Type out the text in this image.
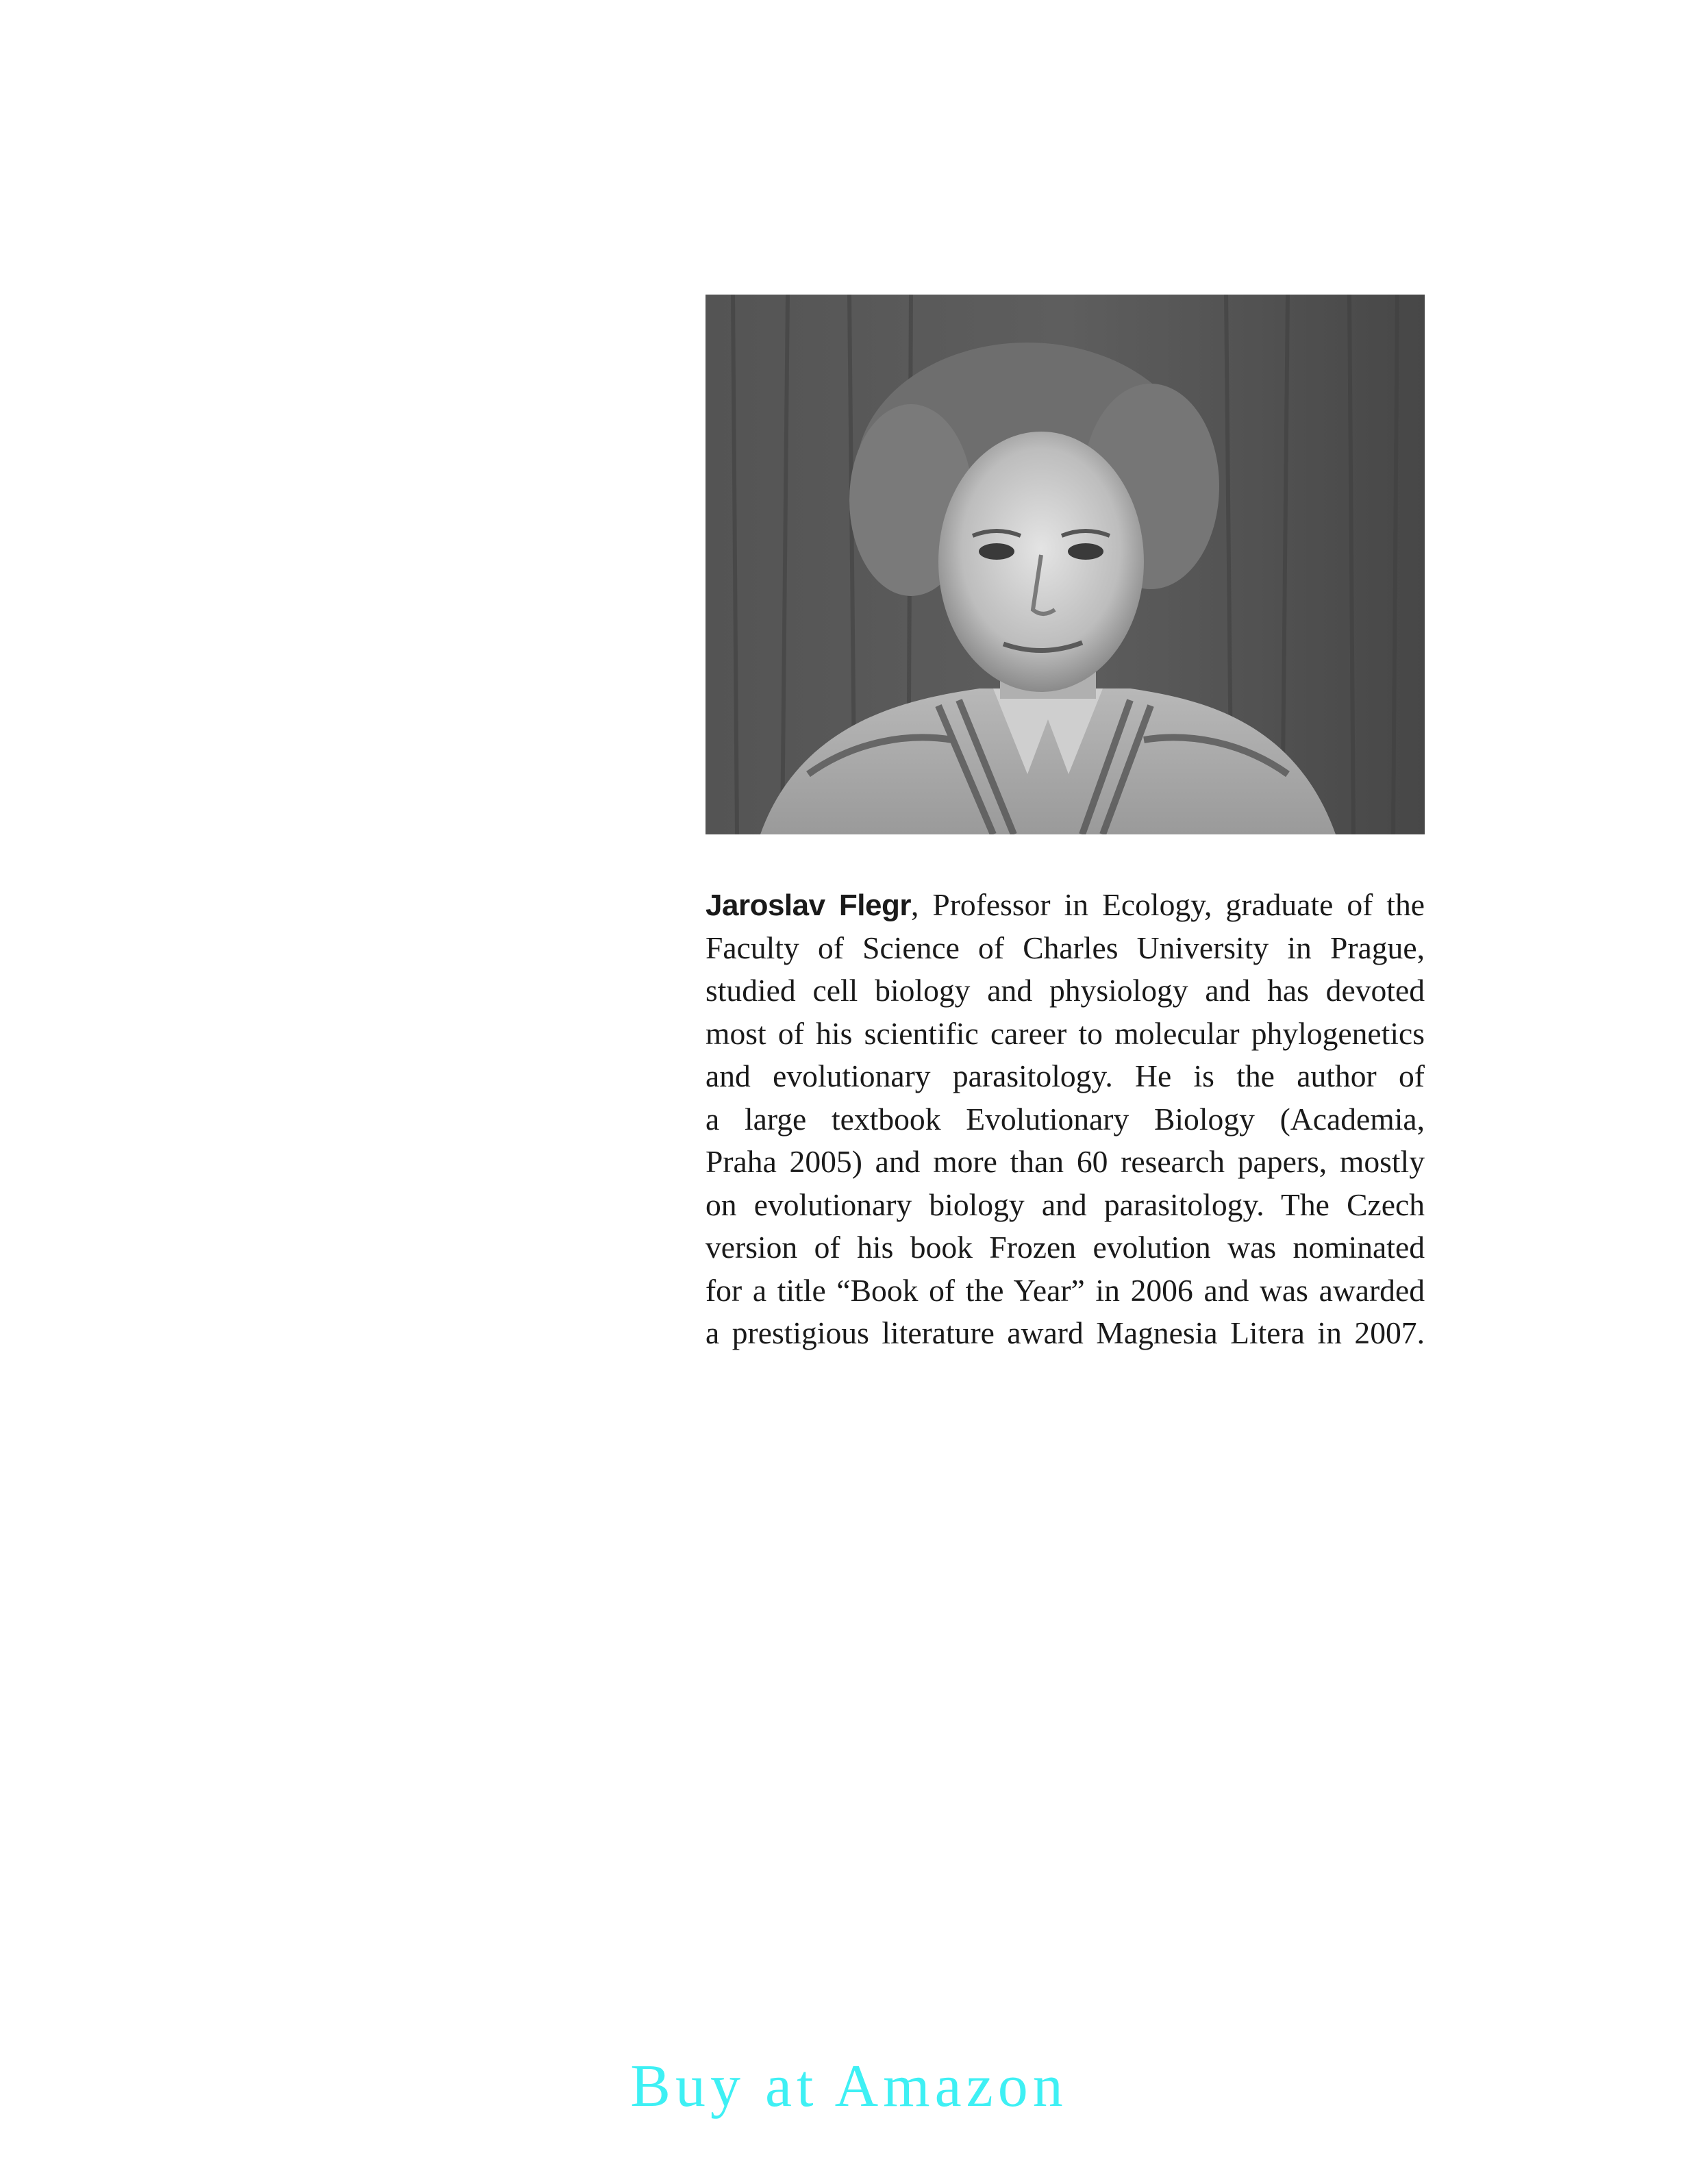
Jaroslav Flegr, Professor in Ecology, graduate of the
Faculty of Science of Charles University in Prague,
studied cell biology and physiology and has devoted
most of his scientific career to molecular phylogenetics
and evolutionary parasitology. He is the author of
a large textbook Evolutionary Biology (Academia,
Praha 2005) and more than 60 research papers, mostly
on evolutionary biology and parasitology. The Czech
version of his book Frozen evolution was nominated
for a title “Book of the Year” in 2006 and was awarded
a prestigious literature award Magnesia Litera in 2007.
Buy at Amazon
